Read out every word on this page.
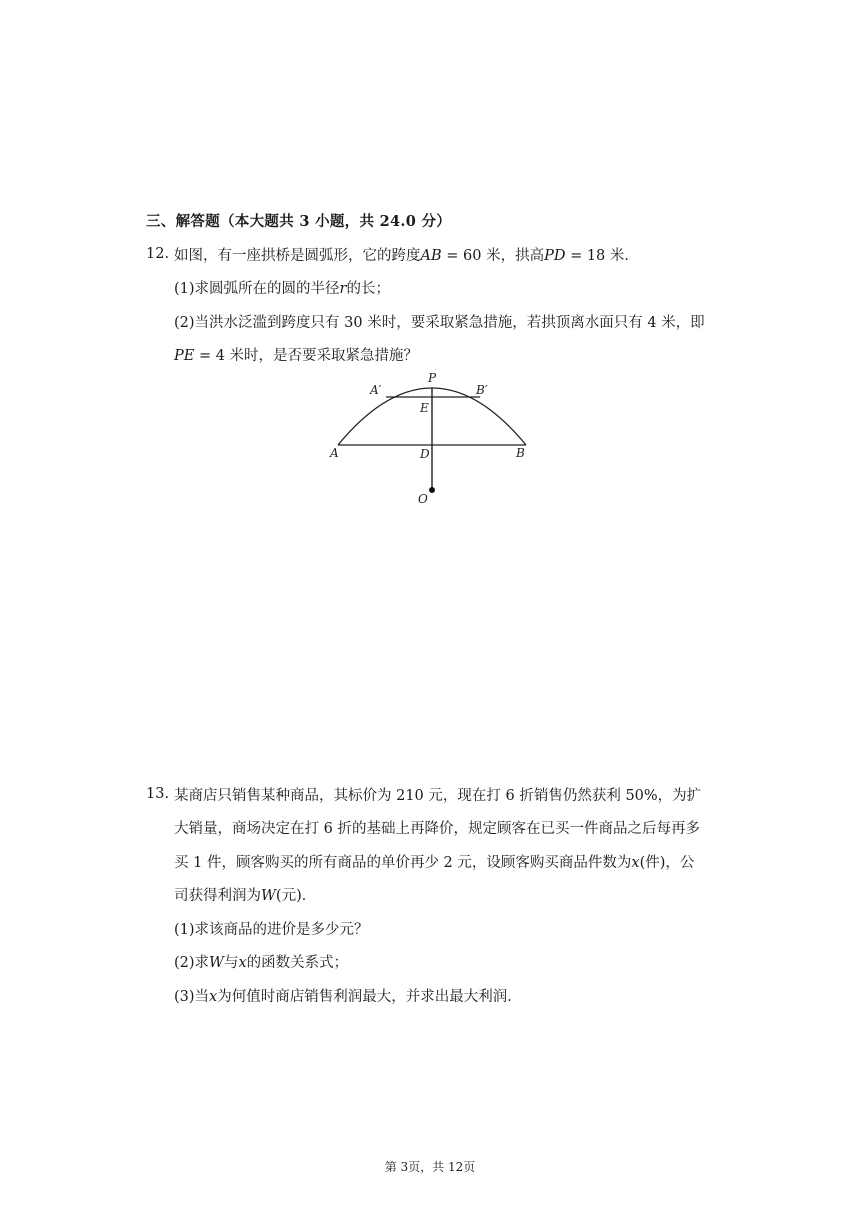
三、解答题（本大题共 3 小题，共 24.0 分）
12. 如图，有一座拱桥是圆弧形，它的跨度AB = 60 米，拱高PD = 18 米．
(1)求圆弧所在的圆的半径r的长；
(2)当洪水泛滥到跨度只有 30 米时，要采取紧急措施，若拱顶离水面只有 4 米，即
PE = 4 米时，是否要采取紧急措施？
A	B
P
E
D
O
A′	B′
13. 某商店只销售某种商品，其标价为 210 元，现在打 6 折销售仍然获利 50%，为扩
大销量，商场决定在打 6 折的基础上再降价，规定顾客在已买一件商品之后每再多
买 1 件，顾客购买的所有商品的单价再少 2 元，设顾客购买商品件数为x(件)，公
司获得利润为W(元)．
(1)求该商品的进价是多少元？
(2)求W与x的函数关系式；
(3)当x为何值时商店销售利润最大，并求出最大利润．
第 3页，共 12页
